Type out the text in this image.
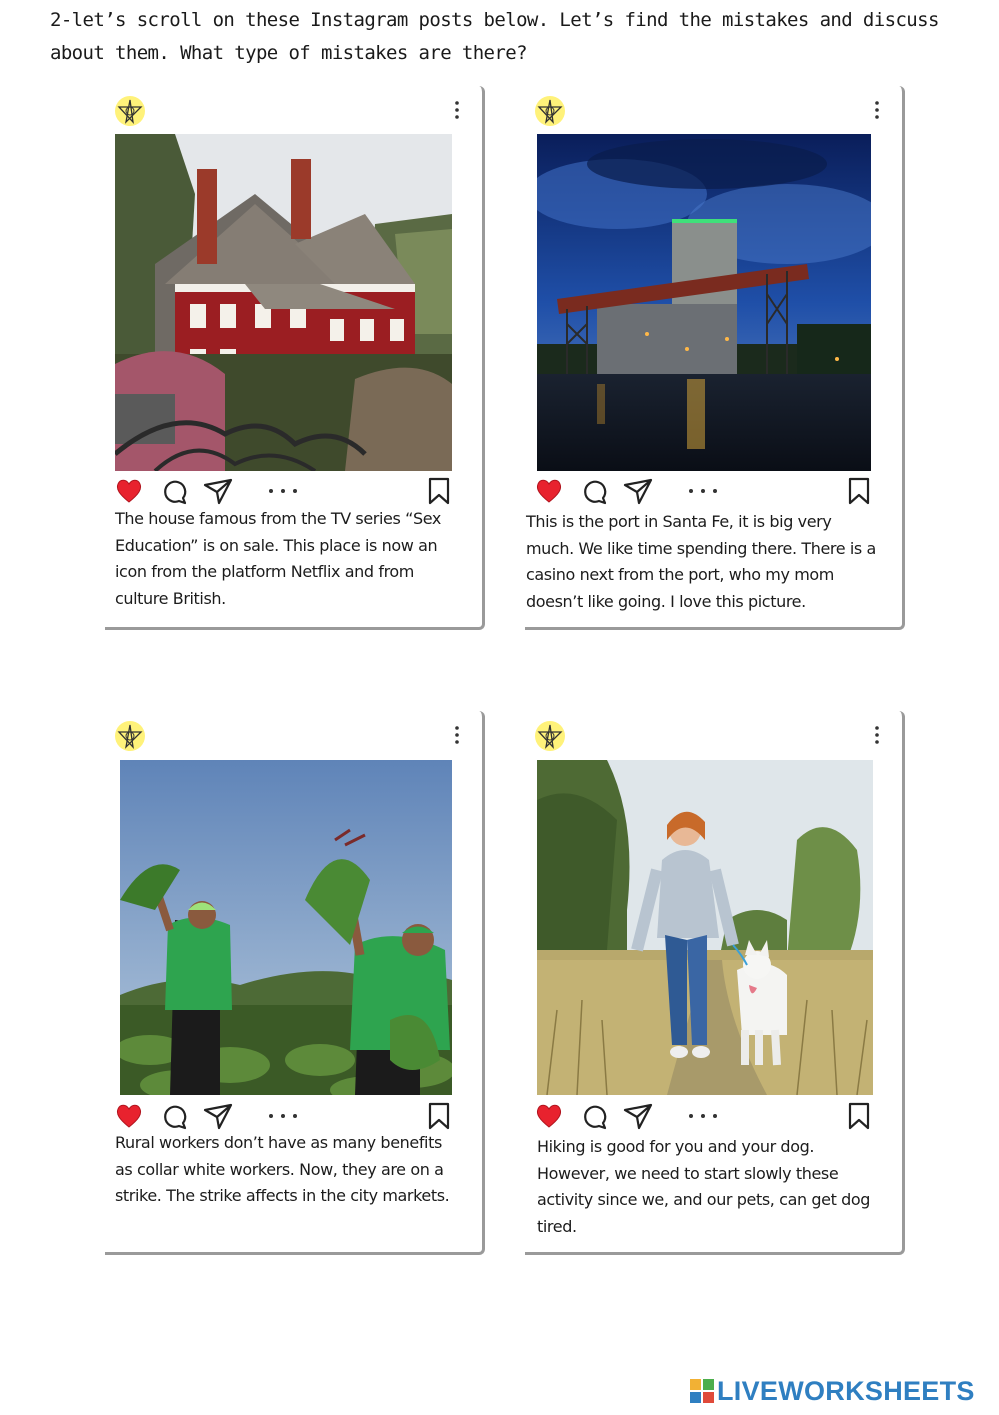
2-let’s scroll on these Instagram posts below. Let’s find the mistakes and discuss about them. What type of mistakes are there?

The house famous from the TV series “Sex Education” is on sale. This place is now an icon from the platform Netflix and from culture British.

This is the port in Santa Fe, it is big very much. We like time spending there. There is a casino next from the port, who my mom doesn’t like going. I love this picture.

Rural workers don’t have as many benefits as collar white workers. Now, they are on a strike. The strike affects in the city markets.

Hiking is good for you and your dog. However, we need to start slowly these activity since we, and our pets, can get dog tired.

LIVEWORKSHEETS
